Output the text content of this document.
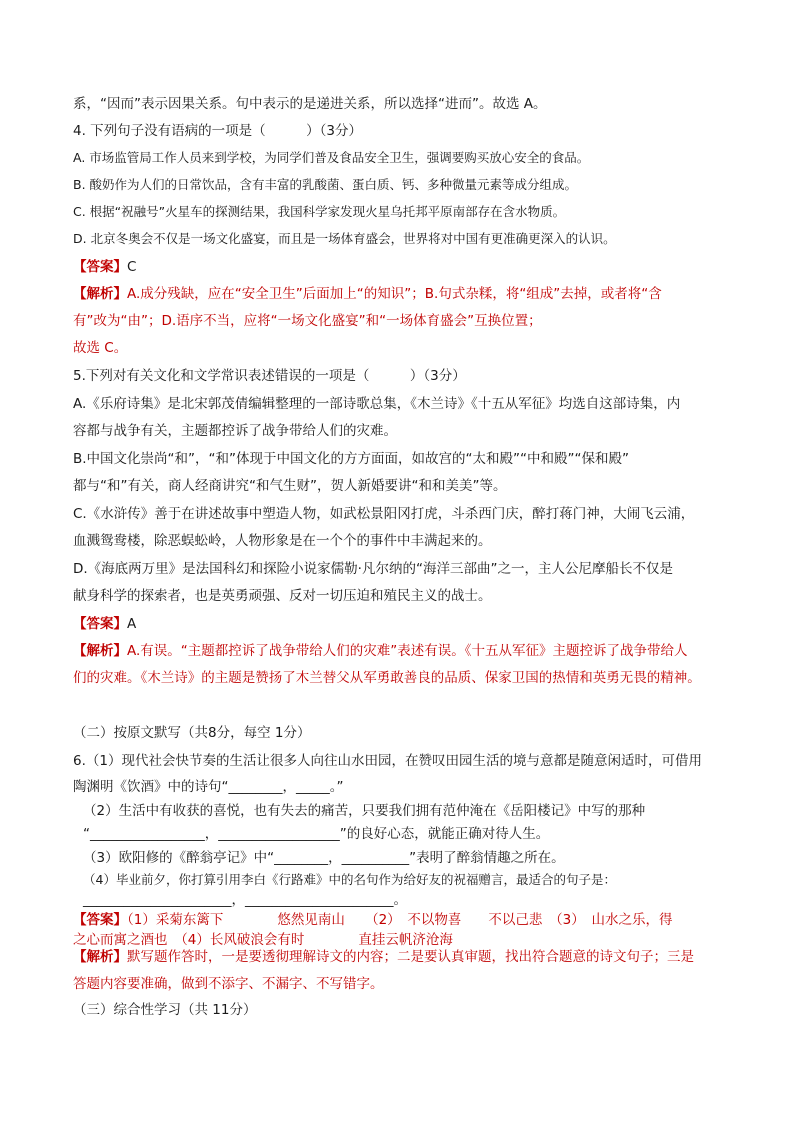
系，“因而”表示因果关系。句中表示的是递进关系，所以选择“进而”。故选 A。
4. 下列句子没有语病的一项是（　　　）（3分）
A. 市场监管局工作人员来到学校，为同学们普及食品安全卫生，强调要购买放心安全的食品。
B. 酸奶作为人们的日常饮品，含有丰富的乳酸菌、蛋白质、钙、多种微量元素等成分组成。
C. 根据“祝融号”火星车的探测结果，我国科学家发现火星乌托邦平原南部存在含水物质。
D. 北京冬奥会不仅是一场文化盛宴，而且是一场体育盛会，世界将对中国有更准确更深入的认识。
【答案】C
【解析】A.成分残缺，应在“安全卫生”后面加上“的知识”；B.句式杂糅，将“组成”去掉，或者将“含
有”改为“由”；D.语序不当，应将“一场文化盛宴”和“一场体育盛会”互换位置；
故选 C。
5.下列对有关文化和文学常识表述错误的一项是（　　　）（3分）
A.《乐府诗集》是北宋郭茂倩编辑整理的一部诗歌总集，《木兰诗》《十五从军征》均选自这部诗集，内
容都与战争有关，主题都控诉了战争带给人们的灾难。
B.中国文化崇尚“和”，“和”体现于中国文化的方方面面，如故宫的“太和殿”“中和殿”“保和殿”
都与“和”有关，商人经商讲究“和气生财”，贺人新婚要讲“和和美美”等。
C.《水浒传》善于在讲述故事中塑造人物，如武松景阳冈打虎，斗杀西门庆，醉打蒋门神，大闹飞云浦，
血溅鸳鸯楼，除恶蜈蚣岭，人物形象是在一个个的事件中丰满起来的。
D.《海底两万里》是法国科幻和探险小说家儒勒·凡尔纳的“海洋三部曲”之一，主人公尼摩船长不仅是
献身科学的探索者，也是英勇顽强、反对一切压迫和殖民主义的战士。
【答案】A
【解析】A.有误。“主题都控诉了战争带给人们的灾难”表述有误。《十五从军征》主题控诉了战争带给人
们的灾难。《木兰诗》的主题是赞扬了木兰替父从军勇敢善良的品质、保家卫国的热情和英勇无畏的精神。
（二）按原文默写（共8分，每空 1分）
6.（1）现代社会快节奏的生活让很多人向往山水田园，在赞叹田园生活的境与意都是随意闲适时，可借用
陶渊明《饮酒》中的诗句“________，_____。”
（2）生活中有收获的喜悦，也有失去的痛苦，只要我们拥有范仲淹在《岳阳楼记》中写的那种
“_________________，__________________”的良好心态，就能正确对待人生。
（3）欧阳修的《醉翁亭记》中“________，__________”表明了醉翁情趣之所在。
（4）毕业前夕，你打算引用李白《行路难》中的名句作为给好友的祝福赠言，最适合的句子是：
______________________，______________________。
【答案】（1）采菊东篱下　　　　悠然见南山　　（2）　不以物喜　　不以己悲　（3）　山水之乐，得
之心而寓之酒也　（4）长风破浪会有时　　　　直挂云帆济沧海
【解析】默写题作答时，一是要透彻理解诗文的内容；二是要认真审题，找出符合题意的诗文句子；三是
答题内容要准确，做到不添字、不漏字、不写错字。
（三）综合性学习（共 11分）
